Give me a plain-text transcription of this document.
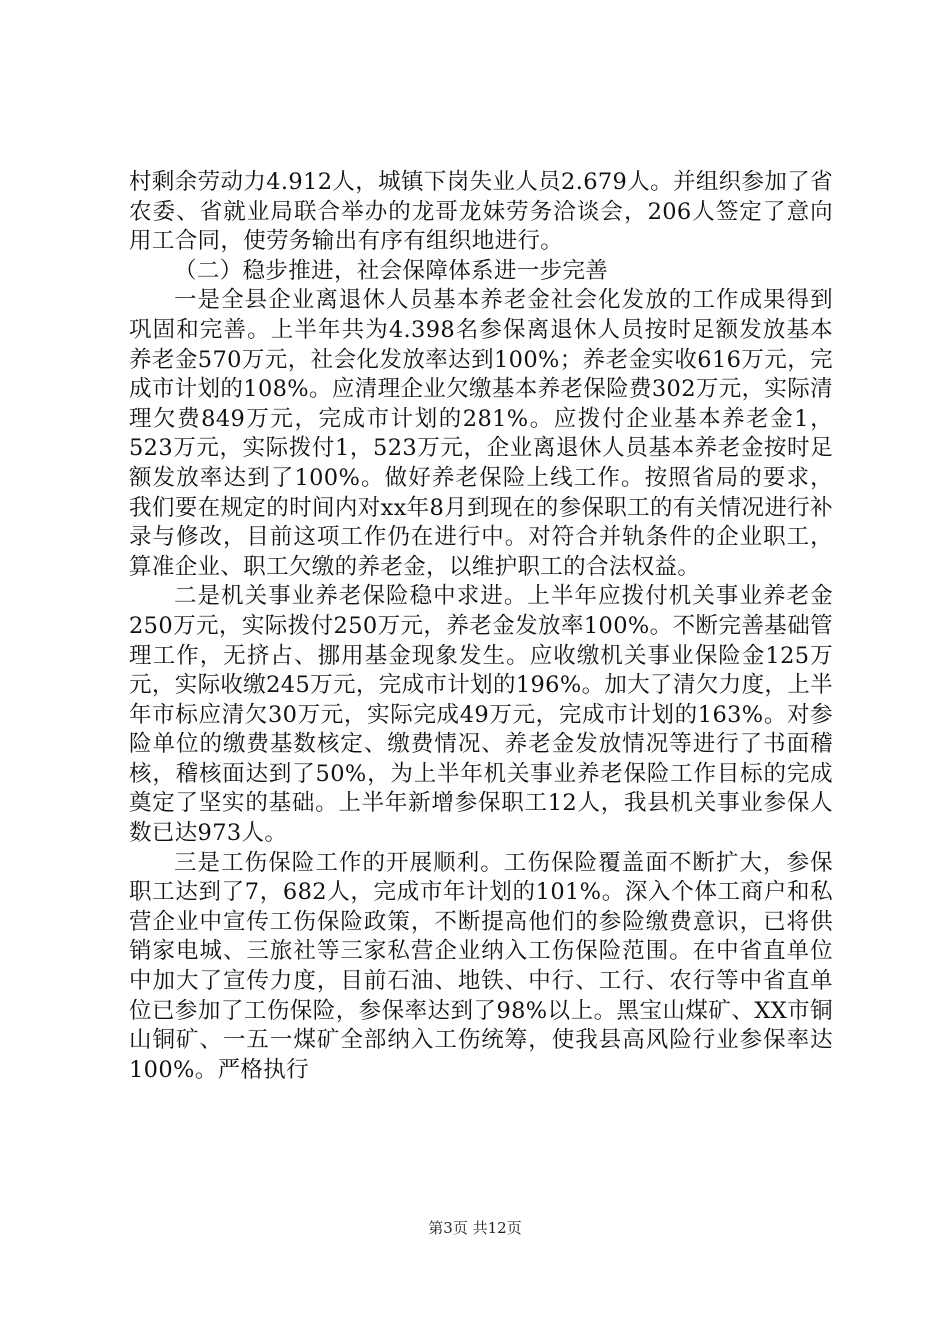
村剩余劳动力4.912人，城镇下岗失业人员2.679人。并组织参加了省农委、省就业局联合举办的龙哥龙妹劳务洽谈会，206人签定了意向用工合同，使劳务输出有序有组织地进行。

（二）稳步推进，社会保障体系进一步完善

一是全县企业离退休人员基本养老金社会化发放的工作成果得到巩固和完善。上半年共为4.398名参保离退休人员按时足额发放基本养老金570万元，社会化发放率达到100%；养老金实收616万元，完成市计划的108%。应清理企业欠缴基本养老保险费302万元，实际清理欠费849万元，完成市计划的281%。应拨付企业基本养老金1，523万元，实际拨付1，523万元，企业离退休人员基本养老金按时足额发放率达到了100%。做好养老保险上线工作。按照省局的要求，我们要在规定的时间内对xx年8月到现在的参保职工的有关情况进行补录与修改，目前这项工作仍在进行中。对符合并轨条件的企业职工，算准企业、职工欠缴的养老金，以维护职工的合法权益。

二是机关事业养老保险稳中求进。上半年应拨付机关事业养老金250万元，实际拨付250万元，养老金发放率100%。不断完善基础管理工作，无挤占、挪用基金现象发生。应收缴机关事业保险金125万元，实际收缴245万元，完成市计划的196%。加大了清欠力度，上半年市标应清欠30万元，实际完成49万元，完成市计划的163%。对参险单位的缴费基数核定、缴费情况、养老金发放情况等进行了书面稽核，稽核面达到了50%，为上半年机关事业养老保险工作目标的完成奠定了坚实的基础。上半年新增参保职工12人，我县机关事业参保人数已达973人。

三是工伤保险工作的开展顺利。工伤保险覆盖面不断扩大，参保职工达到了7，682人，完成市年计划的101%。深入个体工商户和私营企业中宣传工伤保险政策，不断提高他们的参险缴费意识，已将供销家电城、三旅社等三家私营企业纳入工伤保险范围。在中省直单位中加大了宣传力度，目前石油、地铁、中行、工行、农行等中省直单位已参加了工伤保险，参保率达到了98%以上。黑宝山煤矿、XX市铜山铜矿、一五一煤矿全部纳入工伤统筹，使我县高风险行业参保率达100%。严格执行

第3页 共12页
